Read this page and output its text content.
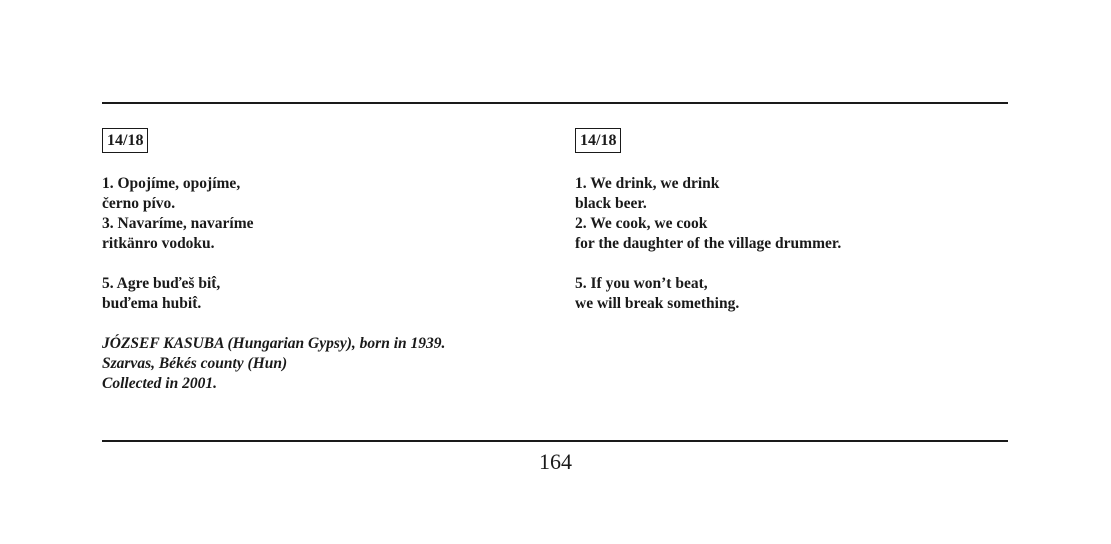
14/18
1. Opojíme, opojíme,
černo pívo.
3. Navaríme, navaríme
ritkänro vodoku.
5. Agre buďeš bit̂,
buďema hubit̂.
JÓZSEF KASUBA (Hungarian Gypsy), born in 1939.
Szarvas, Békés county (Hun)
Collected in 2001.
14/18
1. We drink, we drink
black beer.
2. We cook, we cook
for the daughter of the village drummer.
5. If you won’t beat,
we will break something.
164
